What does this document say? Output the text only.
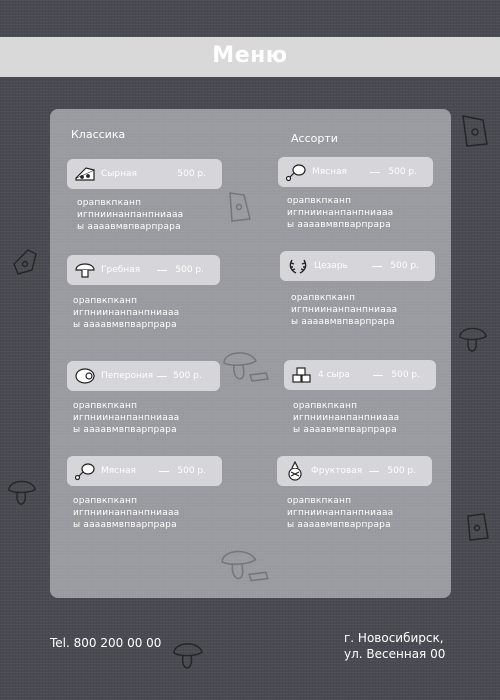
Меню
Классика	Ассорти
Сырная	500 р.
орапвкпканп
игпниинанпанпниааа
ы аааавмвпварпрара
Гребная	500 р.
орапвкпканп
игпниинанпанпниааа
ы аааавмвпварпрара
Пеперония 500 р.
орапвкпканп
игпниинанпанпниааа
ы аааавмвпварпрара
Мясная	500 р.
орапвкпканп
игпниинанпанпниааа
ы аааавмвпварпрара
Мясная	500 р.
орапвкпканп
игпниинанпанпниааа
ы аааавмвпварпрара
Цезарь	500 р.
орапвкпканп
игпниинанпанпниааа
ы аааавмвпварпрара
4 сыра	500 р.
орапвкпканп
игпниинанпанпниааа
ы аааавмвпварпрара
Фруктовая	500 р.
орапвкпканп
игпниинанпанпниааа
ы аааавмвпварпрара
Tel. 800 200 00 00	г. Новосибирск,
ул. Весенная 00
